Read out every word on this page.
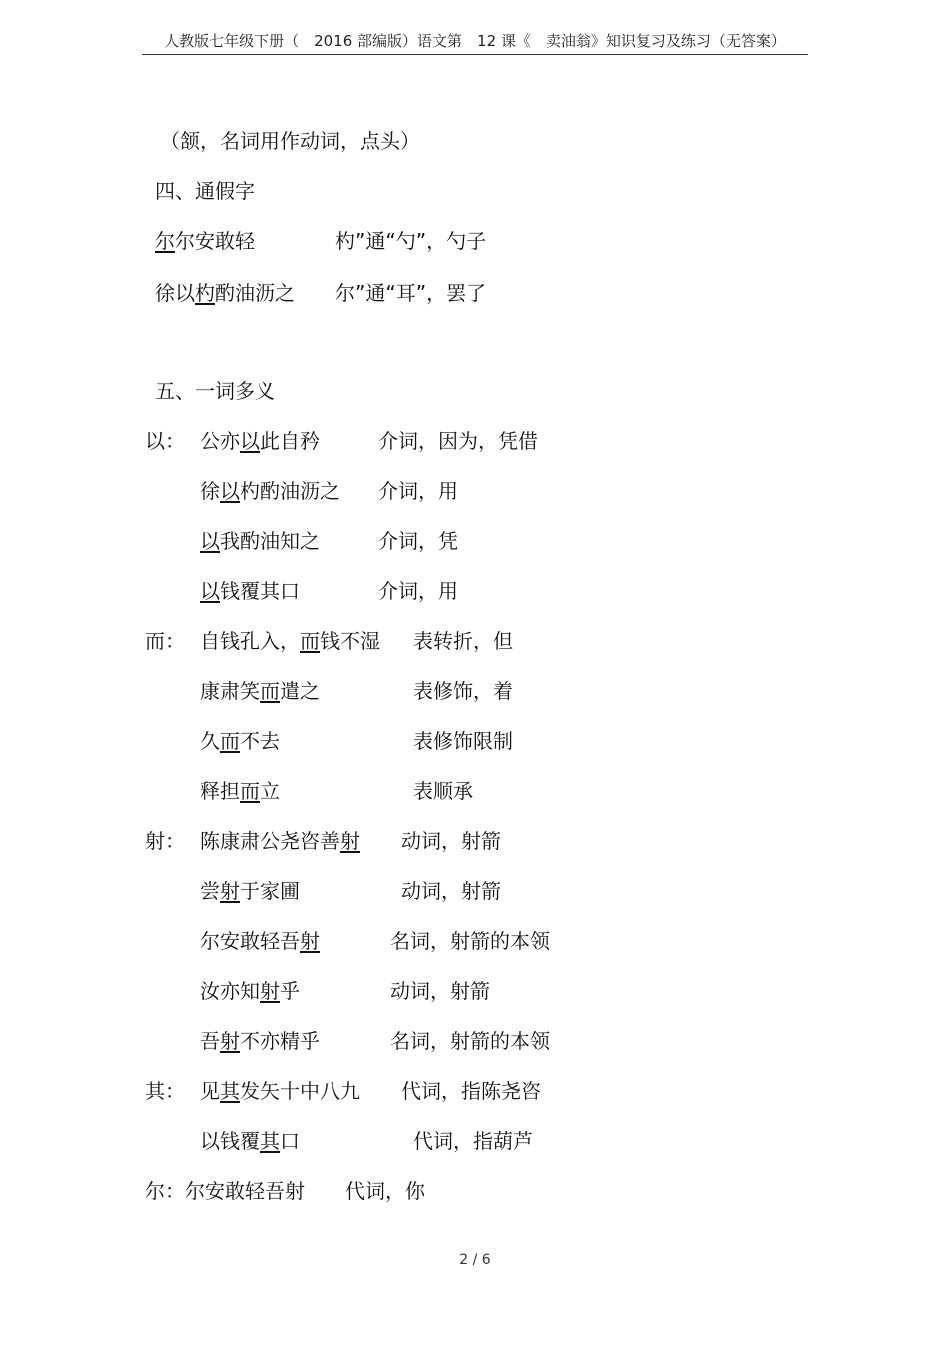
人教版七年级下册（　2016 部编版）语文第　12 课《　卖油翁》知识复习及练习（无答案）
（颔，名词用作动词，点头）
四、通假字
尔尔安敢轻	杓”通“勺”，勺子
徐以杓酌油沥之 尔”通“耳”，罢了
五、一词多义
以： 公亦以此自矜	介词，因为，凭借
徐以杓酌油沥之 介词，用
以我酌油知之	介词，凭
以钱覆其口	介词，用
而： 自钱孔入，而钱不湿 表转折，但
康肃笑而遣之	表修饰，着
久而不去	表修饰限制
释担而立	表顺承
射： 陈康肃公尧咨善射 动词，射箭
尝射于家圃	动词，射箭
尔安敢轻吾射	名词，射箭的本领
汝亦知射乎	动词，射箭
吾射不亦精乎	名词，射箭的本领
其： 见其发矢十中八九 代词，指陈尧咨
以钱覆其口	代词，指葫芦
尔：尔安敢轻吾射 代词，你
2 / 6
